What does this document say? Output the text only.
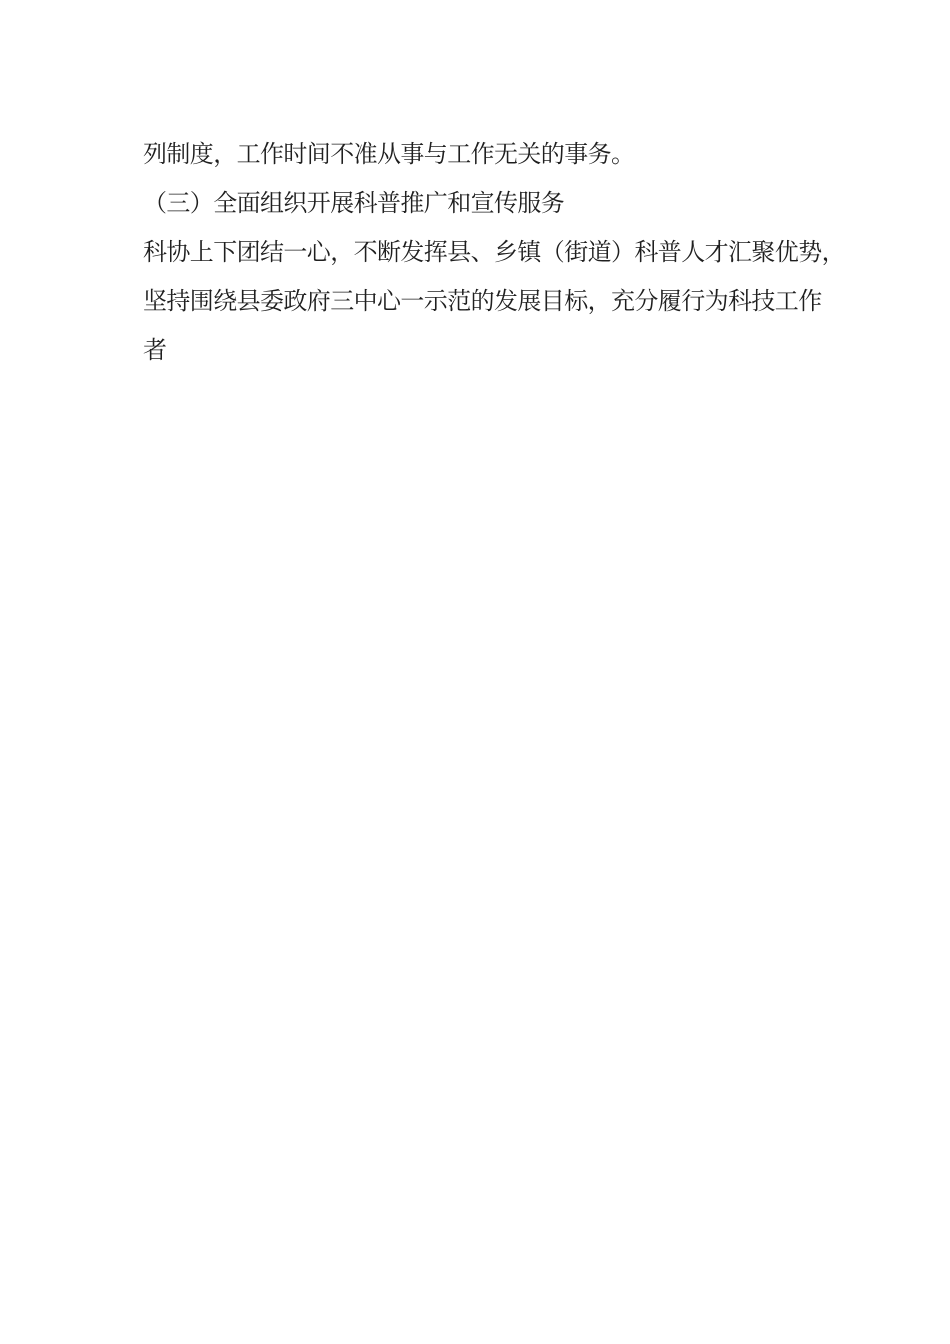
列制度，工作时间不准从事与工作无关的事务。
（三）全面组织开展科普推广和宣传服务
科协上下团结一心，不断发挥县、乡镇（街道）科普人才汇聚优势，
坚持围绕县委政府三中心一示范的发展目标，充分履行为科技工作
者
